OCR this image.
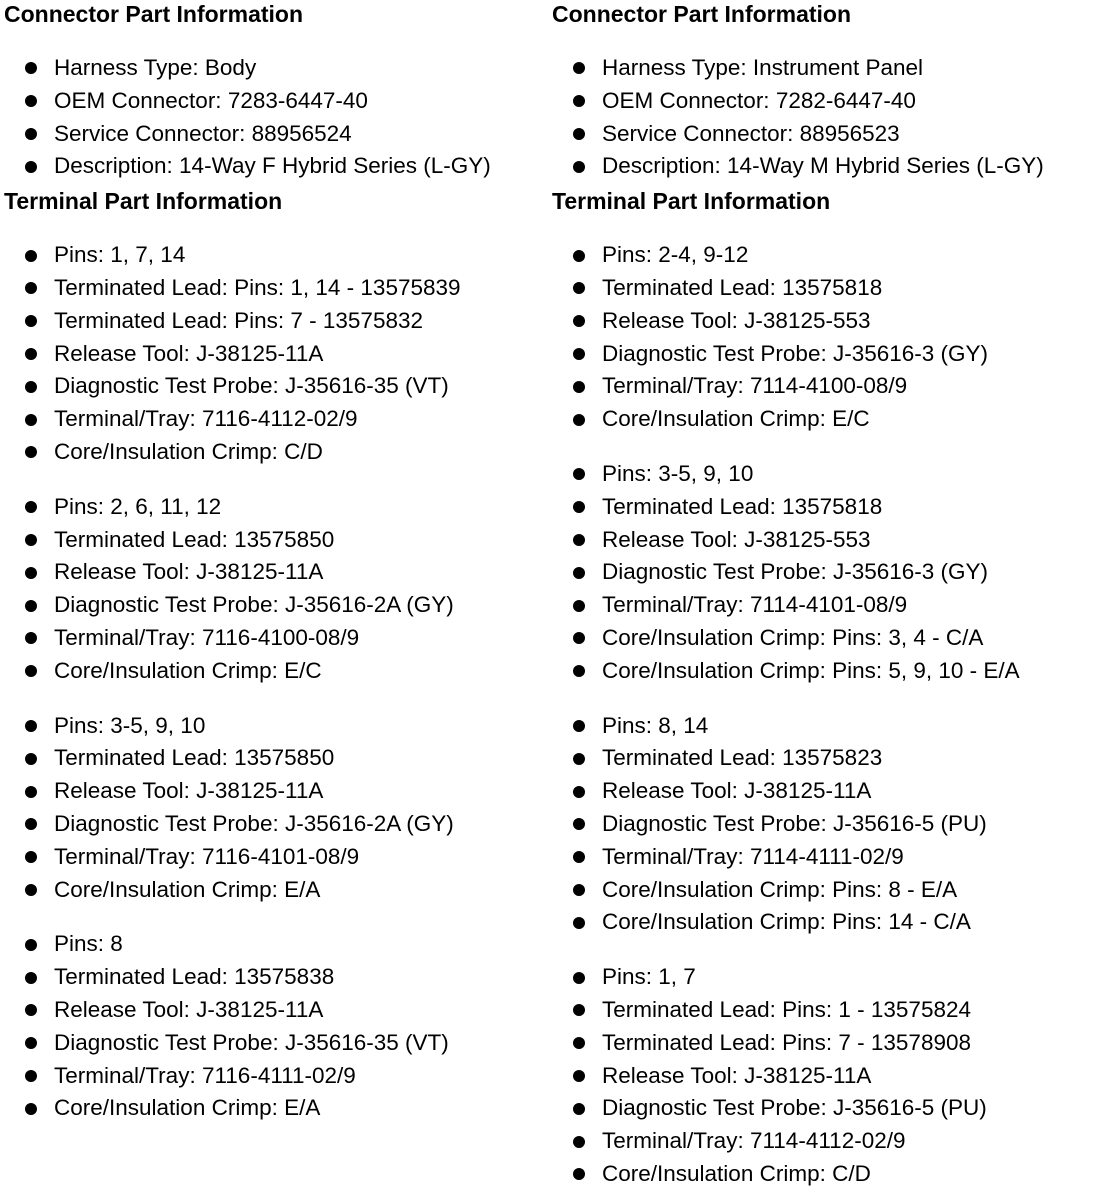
Connector Part Information
Harness Type: Body
OEM Connector: 7283-6447-40
Service Connector: 88956524
Description: 14-Way F Hybrid Series (L-GY)
Terminal Part Information
Pins: 1, 7, 14
Terminated Lead: Pins: 1, 14 - 13575839
Terminated Lead: Pins: 7 - 13575832
Release Tool: J-38125-11A
Diagnostic Test Probe: J-35616-35 (VT)
Terminal/Tray: 7116-4112-02/9
Core/Insulation Crimp: C/D
Pins: 2, 6, 11, 12
Terminated Lead: 13575850
Release Tool: J-38125-11A
Diagnostic Test Probe: J-35616-2A (GY)
Terminal/Tray: 7116-4100-08/9
Core/Insulation Crimp: E/C
Pins: 3-5, 9, 10
Terminated Lead: 13575850
Release Tool: J-38125-11A
Diagnostic Test Probe: J-35616-2A (GY)
Terminal/Tray: 7116-4101-08/9
Core/Insulation Crimp: E/A
Pins: 8
Terminated Lead: 13575838
Release Tool: J-38125-11A
Diagnostic Test Probe: J-35616-35 (VT)
Terminal/Tray: 7116-4111-02/9
Core/Insulation Crimp: E/A
Connector Part Information
Harness Type: Instrument Panel
OEM Connector: 7282-6447-40
Service Connector: 88956523
Description: 14-Way M Hybrid Series (L-GY)
Terminal Part Information
Pins: 2-4, 9-12
Terminated Lead: 13575818
Release Tool: J-38125-553
Diagnostic Test Probe: J-35616-3 (GY)
Terminal/Tray: 7114-4100-08/9
Core/Insulation Crimp: E/C
Pins: 3-5, 9, 10
Terminated Lead: 13575818
Release Tool: J-38125-553
Diagnostic Test Probe: J-35616-3 (GY)
Terminal/Tray: 7114-4101-08/9
Core/Insulation Crimp: Pins: 3, 4 - C/A
Core/Insulation Crimp: Pins: 5, 9, 10 - E/A
Pins: 8, 14
Terminated Lead: 13575823
Release Tool: J-38125-11A
Diagnostic Test Probe: J-35616-5 (PU)
Terminal/Tray: 7114-4111-02/9
Core/Insulation Crimp: Pins: 8 - E/A
Core/Insulation Crimp: Pins: 14 - C/A
Pins: 1, 7
Terminated Lead: Pins: 1 - 13575824
Terminated Lead: Pins: 7 - 13578908
Release Tool: J-38125-11A
Diagnostic Test Probe: J-35616-5 (PU)
Terminal/Tray: 7114-4112-02/9
Core/Insulation Crimp: C/D
